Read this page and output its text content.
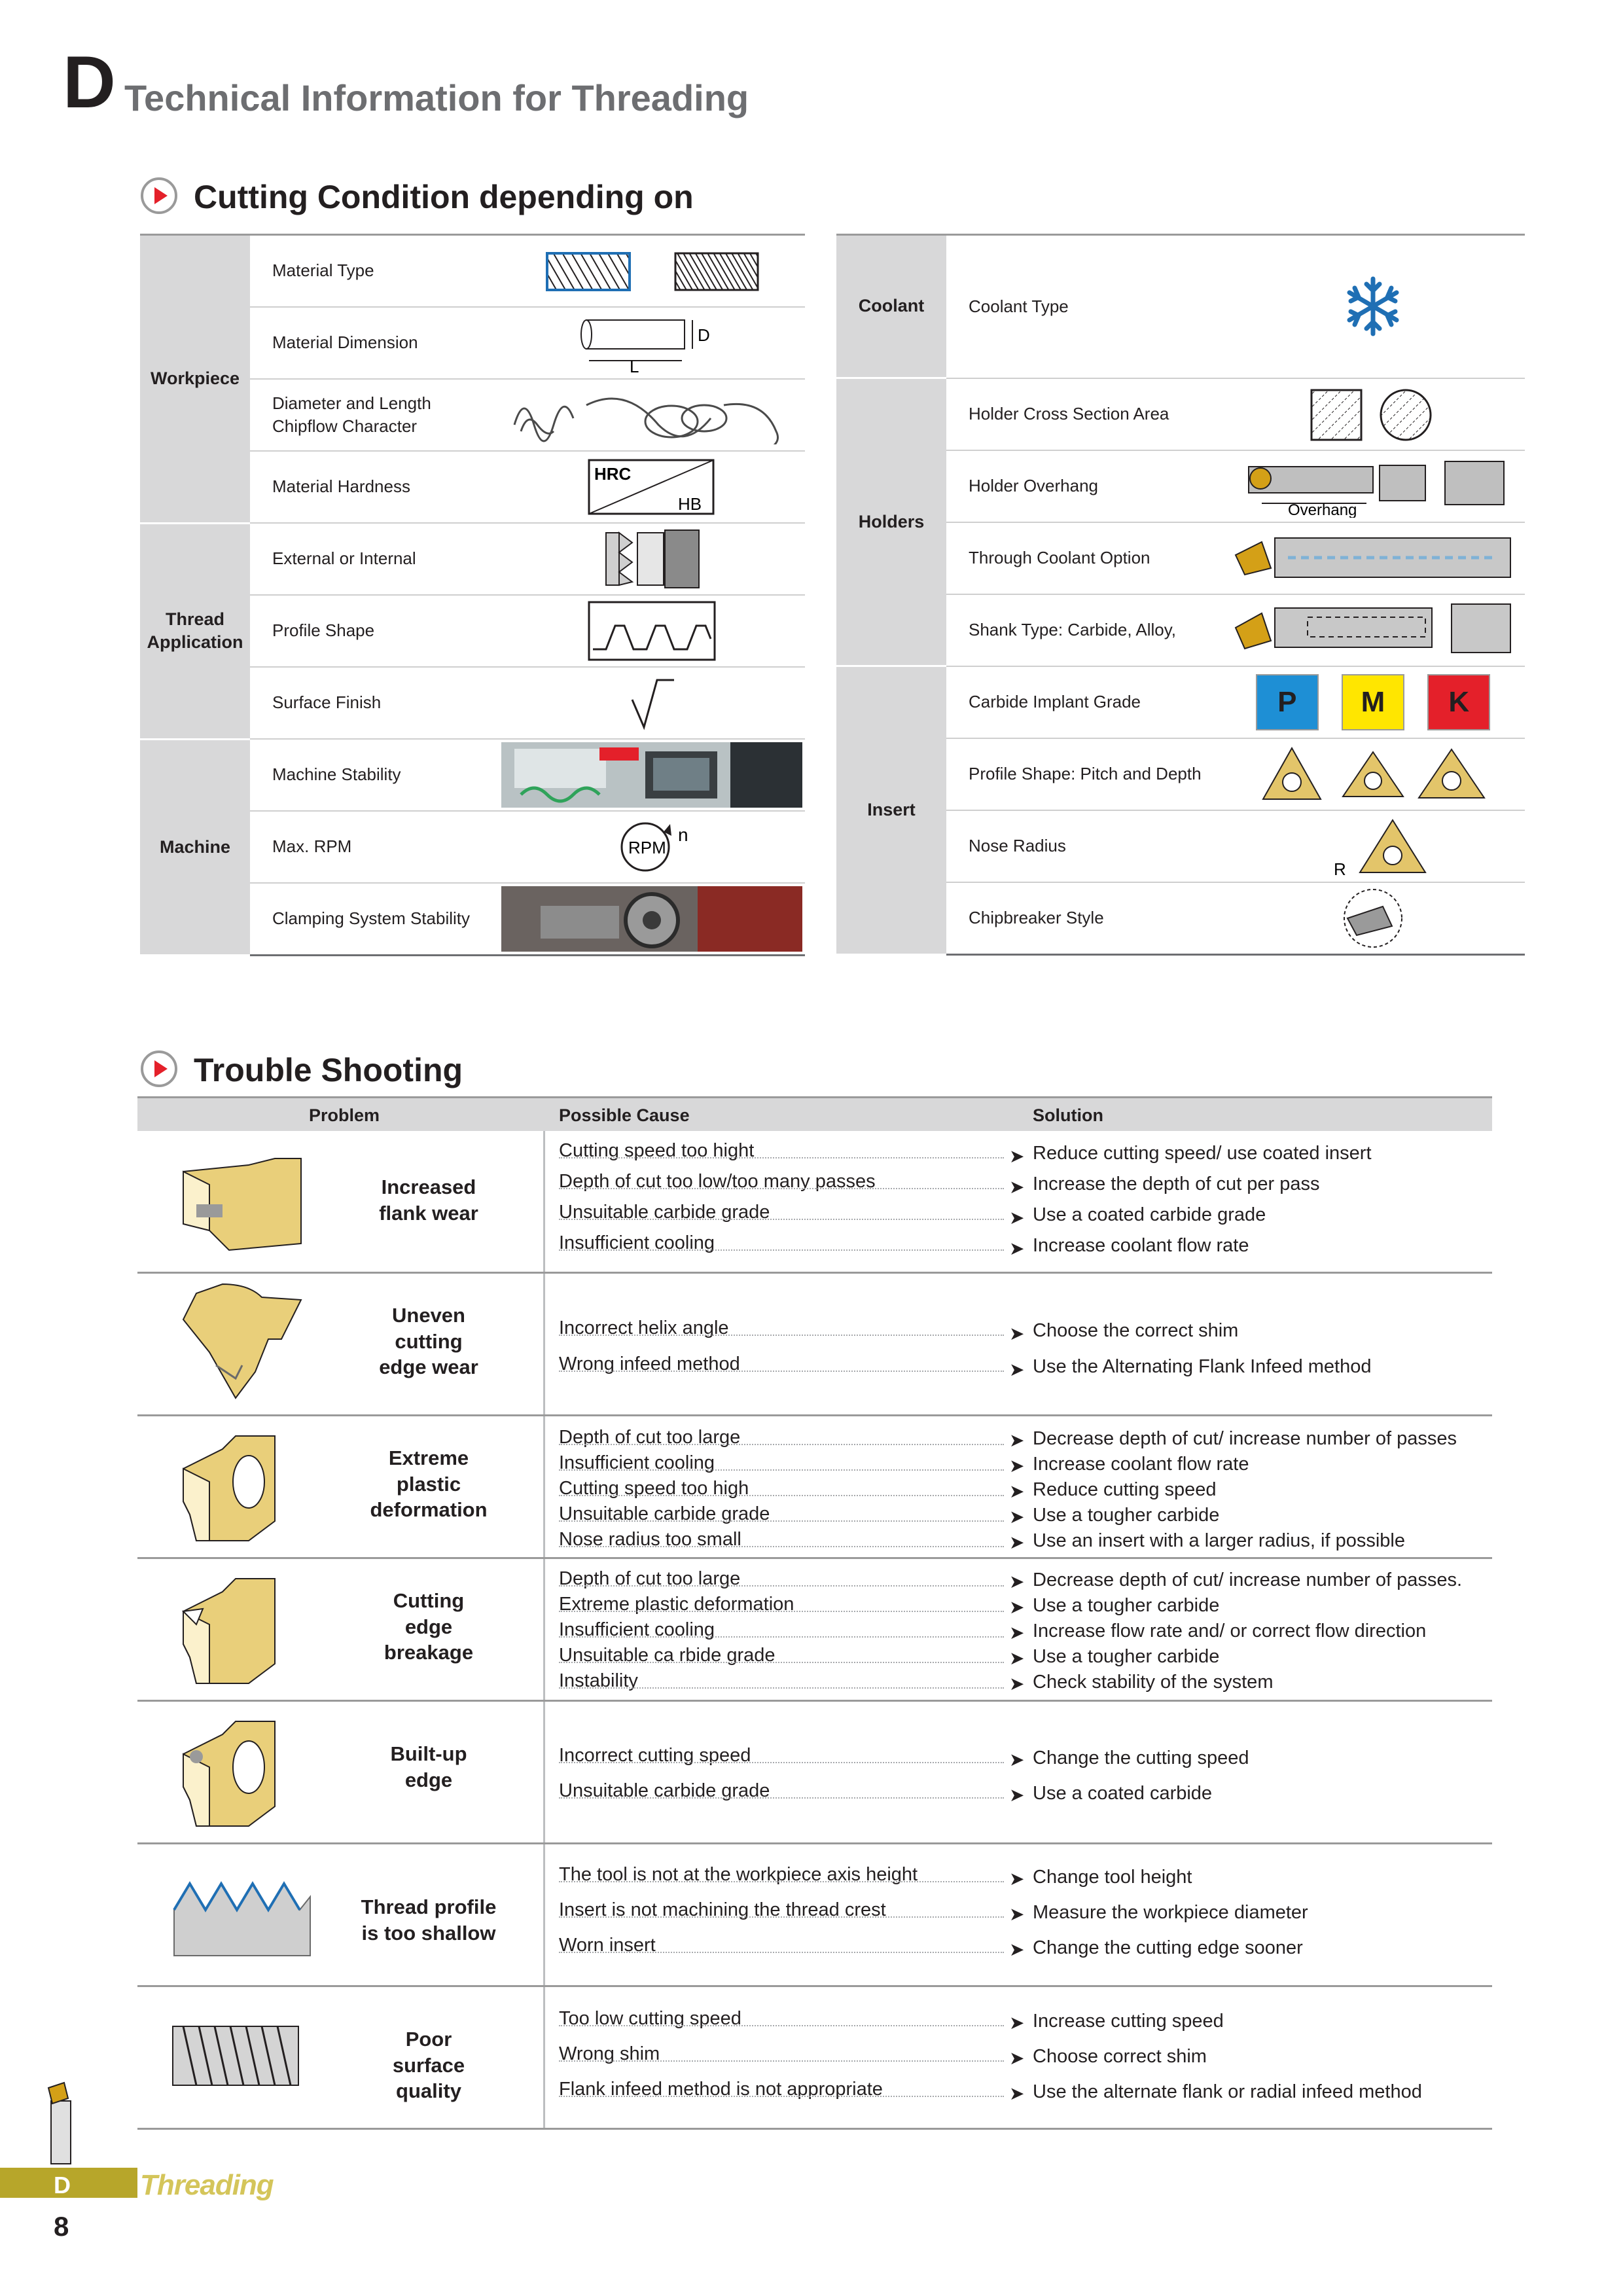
D Technical Information for Threading
Cutting Condition depending on
Workpiece	Material Type	
	Material Dimension	D
L

	Diameter and Length
Chipflow Character	
	Material Hardness	HRC
HB

Thread
Application	External or Internal	
	Profile Shape	
	Surface Finish	
Machine	Machine Stability	
	Max. RPM	RPM
n

	Clamping System Stability	
Coolant	Coolant Type	

Holders	Holder Cross Section Area	
	Holder Overhang	Overhang

	Through Coolant Option	
	Shank Type: Carbide, Alloy,	
Insert	Carbide Implant Grade	P M K
	Profile Shape: Pitch and Depth	
	Nose Radius	R

	Chipbreaker Style	
Trouble Shooting
Problem	Possible Cause	Solution
Increased
flank wear
Cutting speed too hight	➤ Reduce cutting speed/ use coated insert
Depth of cut too low/too many passes	➤ Increase the depth of cut per pass
Unsuitable carbide grade	➤ Use a coated carbide grade
Insufficient cooling	➤ Increase coolant flow rate
Uneven
cutting
edge wear
Incorrect helix angle	➤ Choose the correct shim
Wrong infeed method	➤ Use the Alternating Flank Infeed method
Extreme
plastic
deformation
Depth of cut too large	➤ Decrease depth of cut/ increase number of passes
Insufficient cooling	➤ Increase coolant flow rate
Cutting speed too high	➤ Reduce cutting speed
Unsuitable carbide grade	➤ Use a tougher carbide
Nose radius too small	➤ Use an insert with a larger radius, if possible
Cutting
edge
breakage
Depth of cut too large	➤ Decrease depth of cut/ increase number of passes.
Extreme plastic deformation	➤ Use a tougher carbide
Insufficient cooling	➤ Increase flow rate and/ or correct flow direction
Unsuitable ca rbide grade	➤ Use a tougher carbide
Instability	➤ Check stability of the system
Built-up
edge
Incorrect cutting speed	➤ Change the cutting speed
Unsuitable carbide grade	➤ Use a coated carbide
Thread profile
is too shallow
The tool is not at the workpiece axis height	➤ Change tool height
Insert is not machining the thread crest	➤ Measure the workpiece diameter
Worn insert	➤ Change the cutting edge sooner
Poor
surface
quality
Too low cutting speed	➤ Increase cutting speed
Wrong shim	➤ Choose correct shim
Flank infeed method is not appropriate	➤ Use the alternate flank or radial infeed method
D Threading
8
